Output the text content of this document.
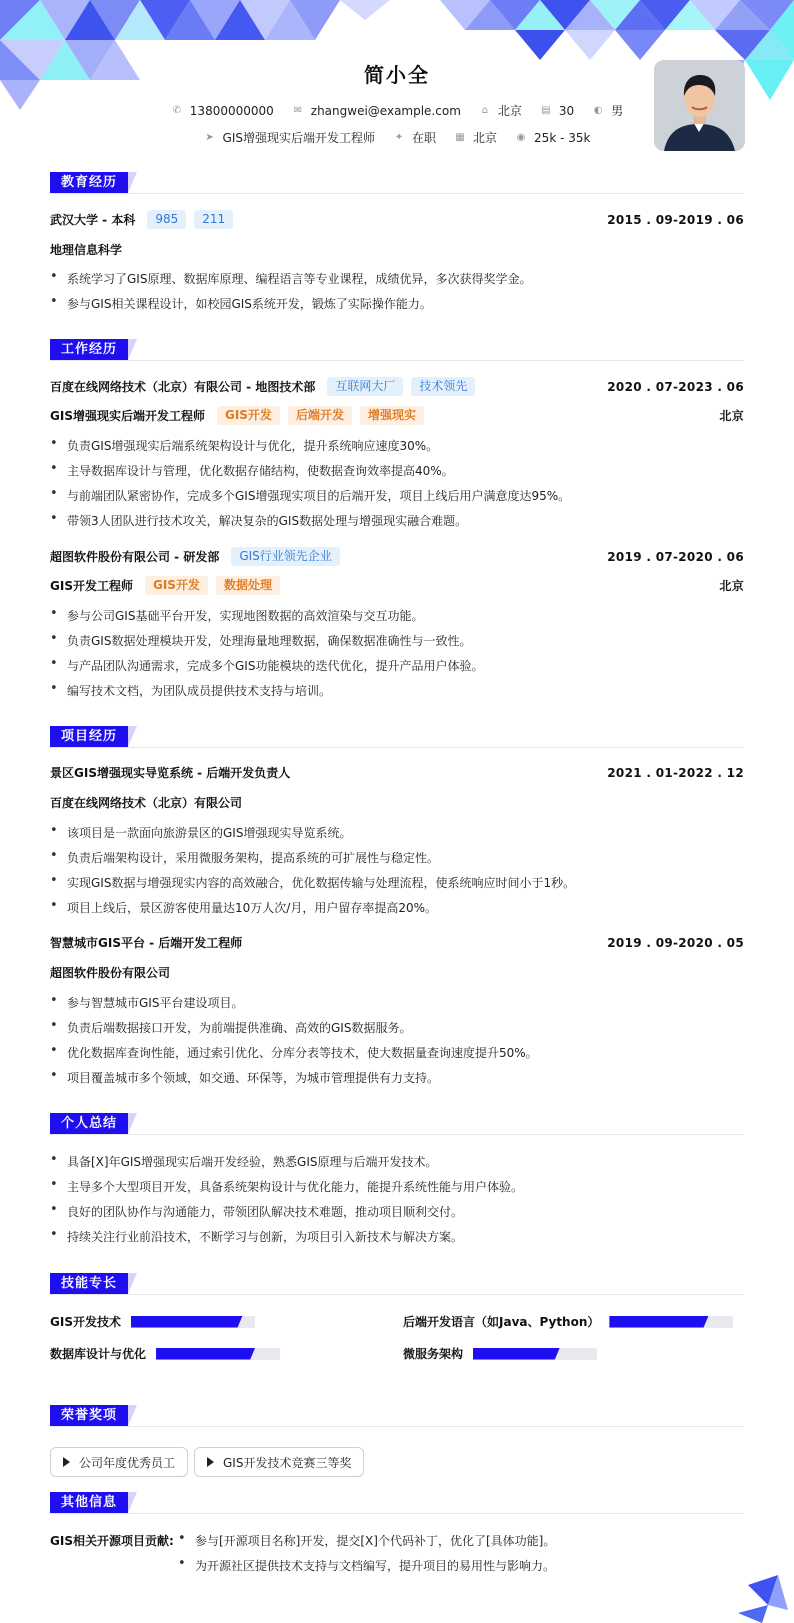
简小全
✆ 13800000000 ✉ zhangwei@example.com ⌂ 北京 ▤ 30 ◐ 男
➤ GIS增强现实后端开发工程师 ✦ 在职 ▦ 北京 ◉ 25k - 35k
教育经历
武汉大学 - 本科	985	211	2015 . 09-2019 . 06
地理信息科学
• 系统学习了GIS原理、数据库原理、编程语言等专业课程，成绩优异，多次获得奖学金。
• 参与GIS相关课程设计，如校园GIS系统开发，锻炼了实际操作能力。
工作经历
百度在线网络技术（北京）有限公司 - 地图技术部	互联网大厂	技术领先	2020 . 07-2023 . 06
GIS增强现实后端开发工程师	GIS开发	后端开发	增强现实	北京
• 负责GIS增强现实后端系统架构设计与优化，提升系统响应速度30%。
• 主导数据库设计与管理，优化数据存储结构，使数据查询效率提高40%。
• 与前端团队紧密协作，完成多个GIS增强现实项目的后端开发，项目上线后用户满意度达95%。
• 带领3人团队进行技术攻关，解决复杂的GIS数据处理与增强现实融合难题。
超图软件股份有限公司 - 研发部	GIS行业领先企业	2019 . 07-2020 . 06
GIS开发工程师	GIS开发	数据处理	北京
• 参与公司GIS基础平台开发，实现地图数据的高效渲染与交互功能。
• 负责GIS数据处理模块开发，处理海量地理数据，确保数据准确性与一致性。
• 与产品团队沟通需求，完成多个GIS功能模块的迭代优化，提升产品用户体验。
• 编写技术文档，为团队成员提供技术支持与培训。
项目经历
景区GIS增强现实导览系统 - 后端开发负责人	2021 . 01-2022 . 12
百度在线网络技术（北京）有限公司
• 该项目是一款面向旅游景区的GIS增强现实导览系统。
• 负责后端架构设计，采用微服务架构，提高系统的可扩展性与稳定性。
• 实现GIS数据与增强现实内容的高效融合，优化数据传输与处理流程，使系统响应时间小于1秒。
• 项目上线后，景区游客使用量达10万人次/月，用户留存率提高20%。
智慧城市GIS平台 - 后端开发工程师	2019 . 09-2020 . 05
超图软件股份有限公司
• 参与智慧城市GIS平台建设项目。
• 负责后端数据接口开发，为前端提供准确、高效的GIS数据服务。
• 优化数据库查询性能，通过索引优化、分库分表等技术，使大数据量查询速度提升50%。
• 项目覆盖城市多个领域，如交通、环保等，为城市管理提供有力支持。
个人总结
• 具备[X]年GIS增强现实后端开发经验，熟悉GIS原理与后端开发技术。
• 主导多个大型项目开发，具备系统架构设计与优化能力，能提升系统性能与用户体验。
• 良好的团队协作与沟通能力，带领团队解决技术难题，推动项目顺利交付。
• 持续关注行业前沿技术，不断学习与创新，为项目引入新技术与解决方案。
技能专长
GIS开发技术	后端开发语言（如Java、Python）
数据库设计与优化	微服务架构
荣誉奖项
公司年度优秀员工	GIS开发技术竞赛三等奖
其他信息
GIS相关开源项目贡献:
•	参与[开源项目名称]开发，提交[X]个代码补丁，优化了[具体功能]。
• 为开源社区提供技术支持与文档编写，提升项目的易用性与影响力。
